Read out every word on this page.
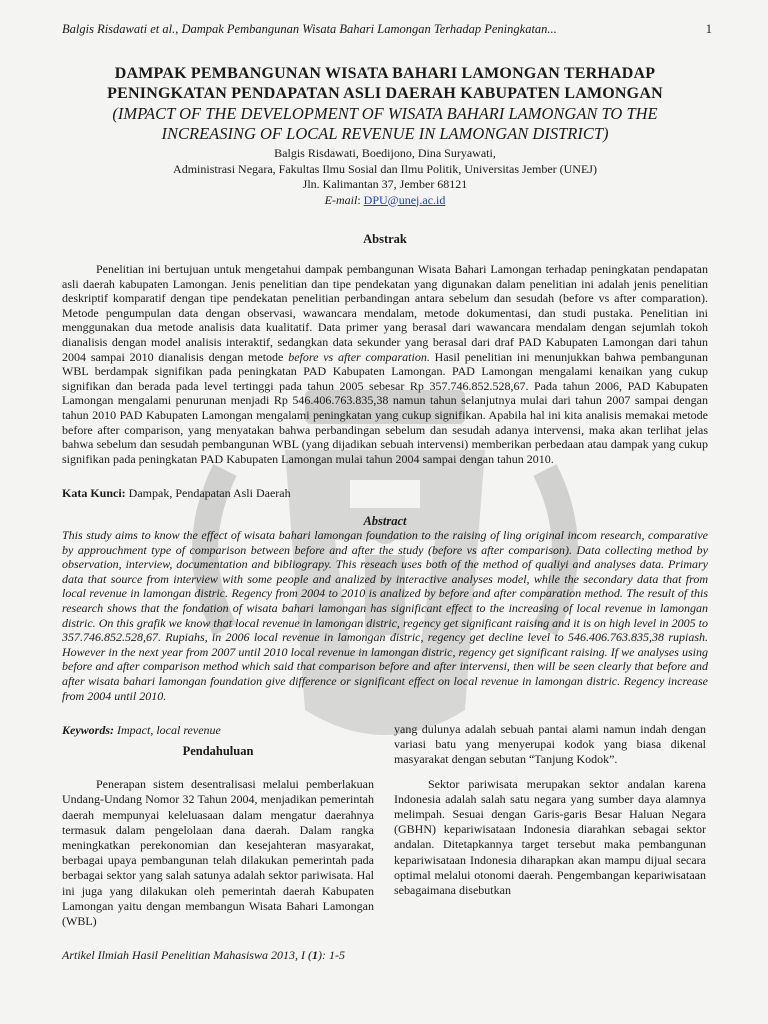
Balgis Risdawati et al., Dampak Pembangunan Wisata Bahari Lamongan Terhadap Peningkatan...	1
DAMPAK PEMBANGUNAN WISATA BAHARI LAMONGAN TERHADAP
PENINGKATAN PENDAPATAN ASLI DAERAH KABUPATEN LAMONGAN
(IMPACT OF THE DEVELOPMENT OF WISATA BAHARI LAMONGAN TO THE
INCREASING OF LOCAL REVENUE IN LAMONGAN DISTRICT)
Balgis Risdawati, Boedijono, Dina Suryawati,
Administrasi Negara, Fakultas Ilmu Sosial dan Ilmu Politik, Universitas Jember (UNEJ)
Jln. Kalimantan 37, Jember 68121
E-mail: DPU@unej.ac.id
Abstrak

Penelitian ini bertujuan untuk mengetahui dampak pembangunan Wisata Bahari Lamongan terhadap peningkatan pendapatan asli daerah kabupaten Lamongan. Jenis penelitian dan tipe pendekatan yang digunakan dalam penelitian ini adalah jenis penelitian deskriptif komparatif dengan tipe pendekatan penelitian perbandingan antara sebelum dan sesudah (before vs after comparation). Metode pengumpulan data dengan observasi, wawancara mendalam, metode dokumentasi, dan studi pustaka. Penelitian ini menggunakan dua metode analisis data kualitatif. Data primer yang berasal dari wawancara mendalam dengan sejumlah tokoh dianalisis dengan model analisis interaktif, sedangkan data sekunder yang berasal dari draf PAD Kabupaten Lamongan dari tahun 2004 sampai 2010 dianalisis dengan metode before vs after comparation. Hasil penelitian ini menunjukkan bahwa pembangunan WBL berdampak signifikan pada peningkatan PAD Kabupaten Lamongan. PAD Lamongan mengalami kenaikan yang cukup signifikan dan berada pada level tertinggi pada tahun 2005 sebesar Rp 357.746.852.528,67. Pada tahun 2006, PAD Kabupaten Lamongan mengalami penurunan menjadi Rp 546.406.763.835,38 namun tahun selanjutnya mulai dari tahun 2007 sampai dengan tahun 2010 PAD Kabupaten Lamongan mengalami peningkatan yang cukup signifikan. Apabila hal ini kita analisis memakai metode before after comparison, yang menyatakan bahwa perbandingan sebelum dan sesudah adanya intervensi, maka akan terlihat jelas bahwa sebelum dan sesudah pembangunan WBL (yang dijadikan sebuah intervensi) memberikan perbedaan atau dampak yang cukup signifikan pada peningkatan PAD Kabupaten Lamongan mulai tahun 2004 sampai dengan tahun 2010.

Kata Kunci: Dampak, Pendapatan Asli Daerah
Abstract

This study aims to know the effect of wisata bahari lamongan foundation to the raising of ling original incom research, comparative by approuchment type of comparison between before and after the study (before vs after comparison). Data collecting method by observation, interview, documentation and bibliograpy. This reseach uses both of the method of qualiyi and analyses data. Primary data that source from interview with some people and analized by interactive analyses model, while the secondary data that from local revenue in lamongan distric. Regency from 2004 to 2010 is analized by before and after comparation method. The result of this research shows that the fondation of wisata bahari lamongan has significant effect to the increasing of local revenue in lamongan distric. On this grafik we know that local revenue in lamongan distric, regency get significant raising and it is on high level in 2005 to 357.746.852.528,67. Rupiahs, in 2006 local revenue in lamongan distric, regency get decline level to 546.406.763.835,38 rupiash. However in the next year from 2007 until 2010 local revenue in lamongan distric, regency get significant raising. If we analyses using before and after comparison method which said that comparison before and after intervensi, then will be seen clearly that before and after wisata bahari lamongan foundation give difference or significant effect on local revenue in lamongan distric. Regency increase from 2004 until 2010.

Keywords: Impact, local revenue
Pendahuluan

Penerapan sistem desentralisasi melalui pemberlakuan Undang-Undang Nomor 32 Tahun 2004, menjadikan pemerintah daerah mempunyai keleluasaan dalam mengatur daerahnya termasuk dalam pengelolaan dana daerah. Dalam rangka meningkatkan perekonomian dan kesejahteran masyarakat, berbagai upaya pembangunan telah dilakukan pemerintah pada berbagai sektor yang salah satunya adalah sektor pariwisata. Hal ini juga yang dilakukan oleh pemerintah daerah Kabupaten Lamongan yaitu dengan membangun Wisata Bahari Lamongan (WBL)

yang dulunya adalah sebuah pantai alami namun indah dengan variasi batu yang menyerupai kodok yang biasa dikenal masyarakat dengan sebutan “Tanjung Kodok”.

Sektor pariwisata merupakan sektor andalan karena Indonesia adalah salah satu negara yang sumber daya alamnya melimpah. Sesuai dengan Garis-garis Besar Haluan Negara (GBHN) kepariwisataan Indonesia diarahkan sebagai sektor andalan. Ditetapkannya target tersebut maka pembangunan kepariwisataan Indonesia diharapkan akan mampu dijual secara optimal melalui otonomi daerah. Pengembangan kepariwisataan sebagaimana disebutkan

Artikel Ilmiah Hasil Penelitian Mahasiswa 2013, I (1): 1-5
